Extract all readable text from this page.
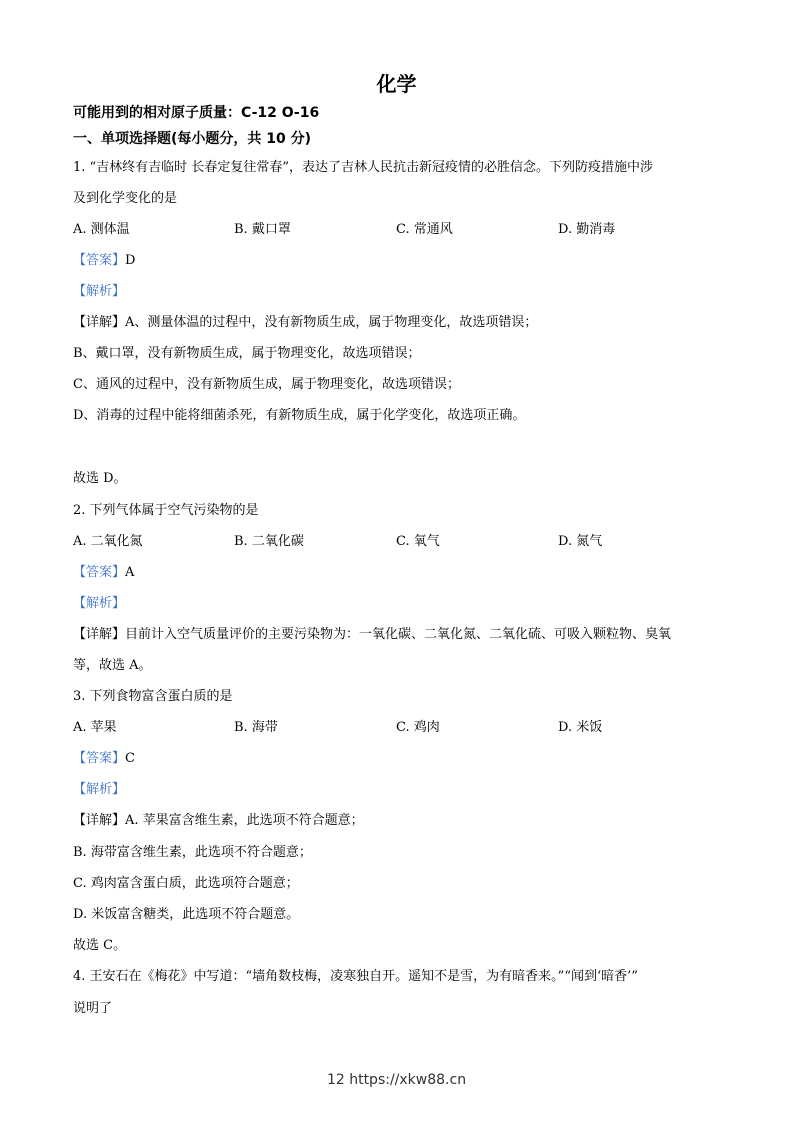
化学
可能用到的相对原子质量：C-12 O-16
一、单项选择题(每小题分，共 10 分)
1. “吉林终有吉临时 长春定复往常春”，表达了吉林人民抗击新冠疫情的必胜信念。下列防疫措施中涉
及到化学变化的是
A. 测体温	B. 戴口罩	C. 常通风	D. 勤消毒
【答案】D
【解析】
【详解】A、测量体温的过程中，没有新物质生成，属于物理变化，故选项错误；
B、戴口罩，没有新物质生成，属于物理变化，故选项错误；
C、通风的过程中，没有新物质生成，属于物理变化，故选项错误；
D、消毒的过程中能将细菌杀死，有新物质生成，属于化学变化，故选项正确。
故选 D。
2. 下列气体属于空气污染物的是
A. 二氧化氮	B. 二氧化碳	C. 氧气	D. 氮气
【答案】A
【解析】
【详解】目前计入空气质量评价的主要污染物为：一氧化碳、二氧化氮、二氧化硫、可吸入颗粒物、臭氧
等，故选 A。
3. 下列食物富含蛋白质的是
A. 苹果	B. 海带	C. 鸡肉	D. 米饭
【答案】C
【解析】
【详解】A. 苹果富含维生素，此选项不符合题意；
B. 海带富含维生素，此选项不符合题意；
C. 鸡肉富含蛋白质，此选项符合题意；
D. 米饭富含糖类，此选项不符合题意。
故选 C。
4. 王安石在《梅花》中写道：“墙角数枝梅，凌寒独自开。遥知不是雪，为有暗香来。”“闻到‘暗香’”
说明了
12 https://xkw88.cn
